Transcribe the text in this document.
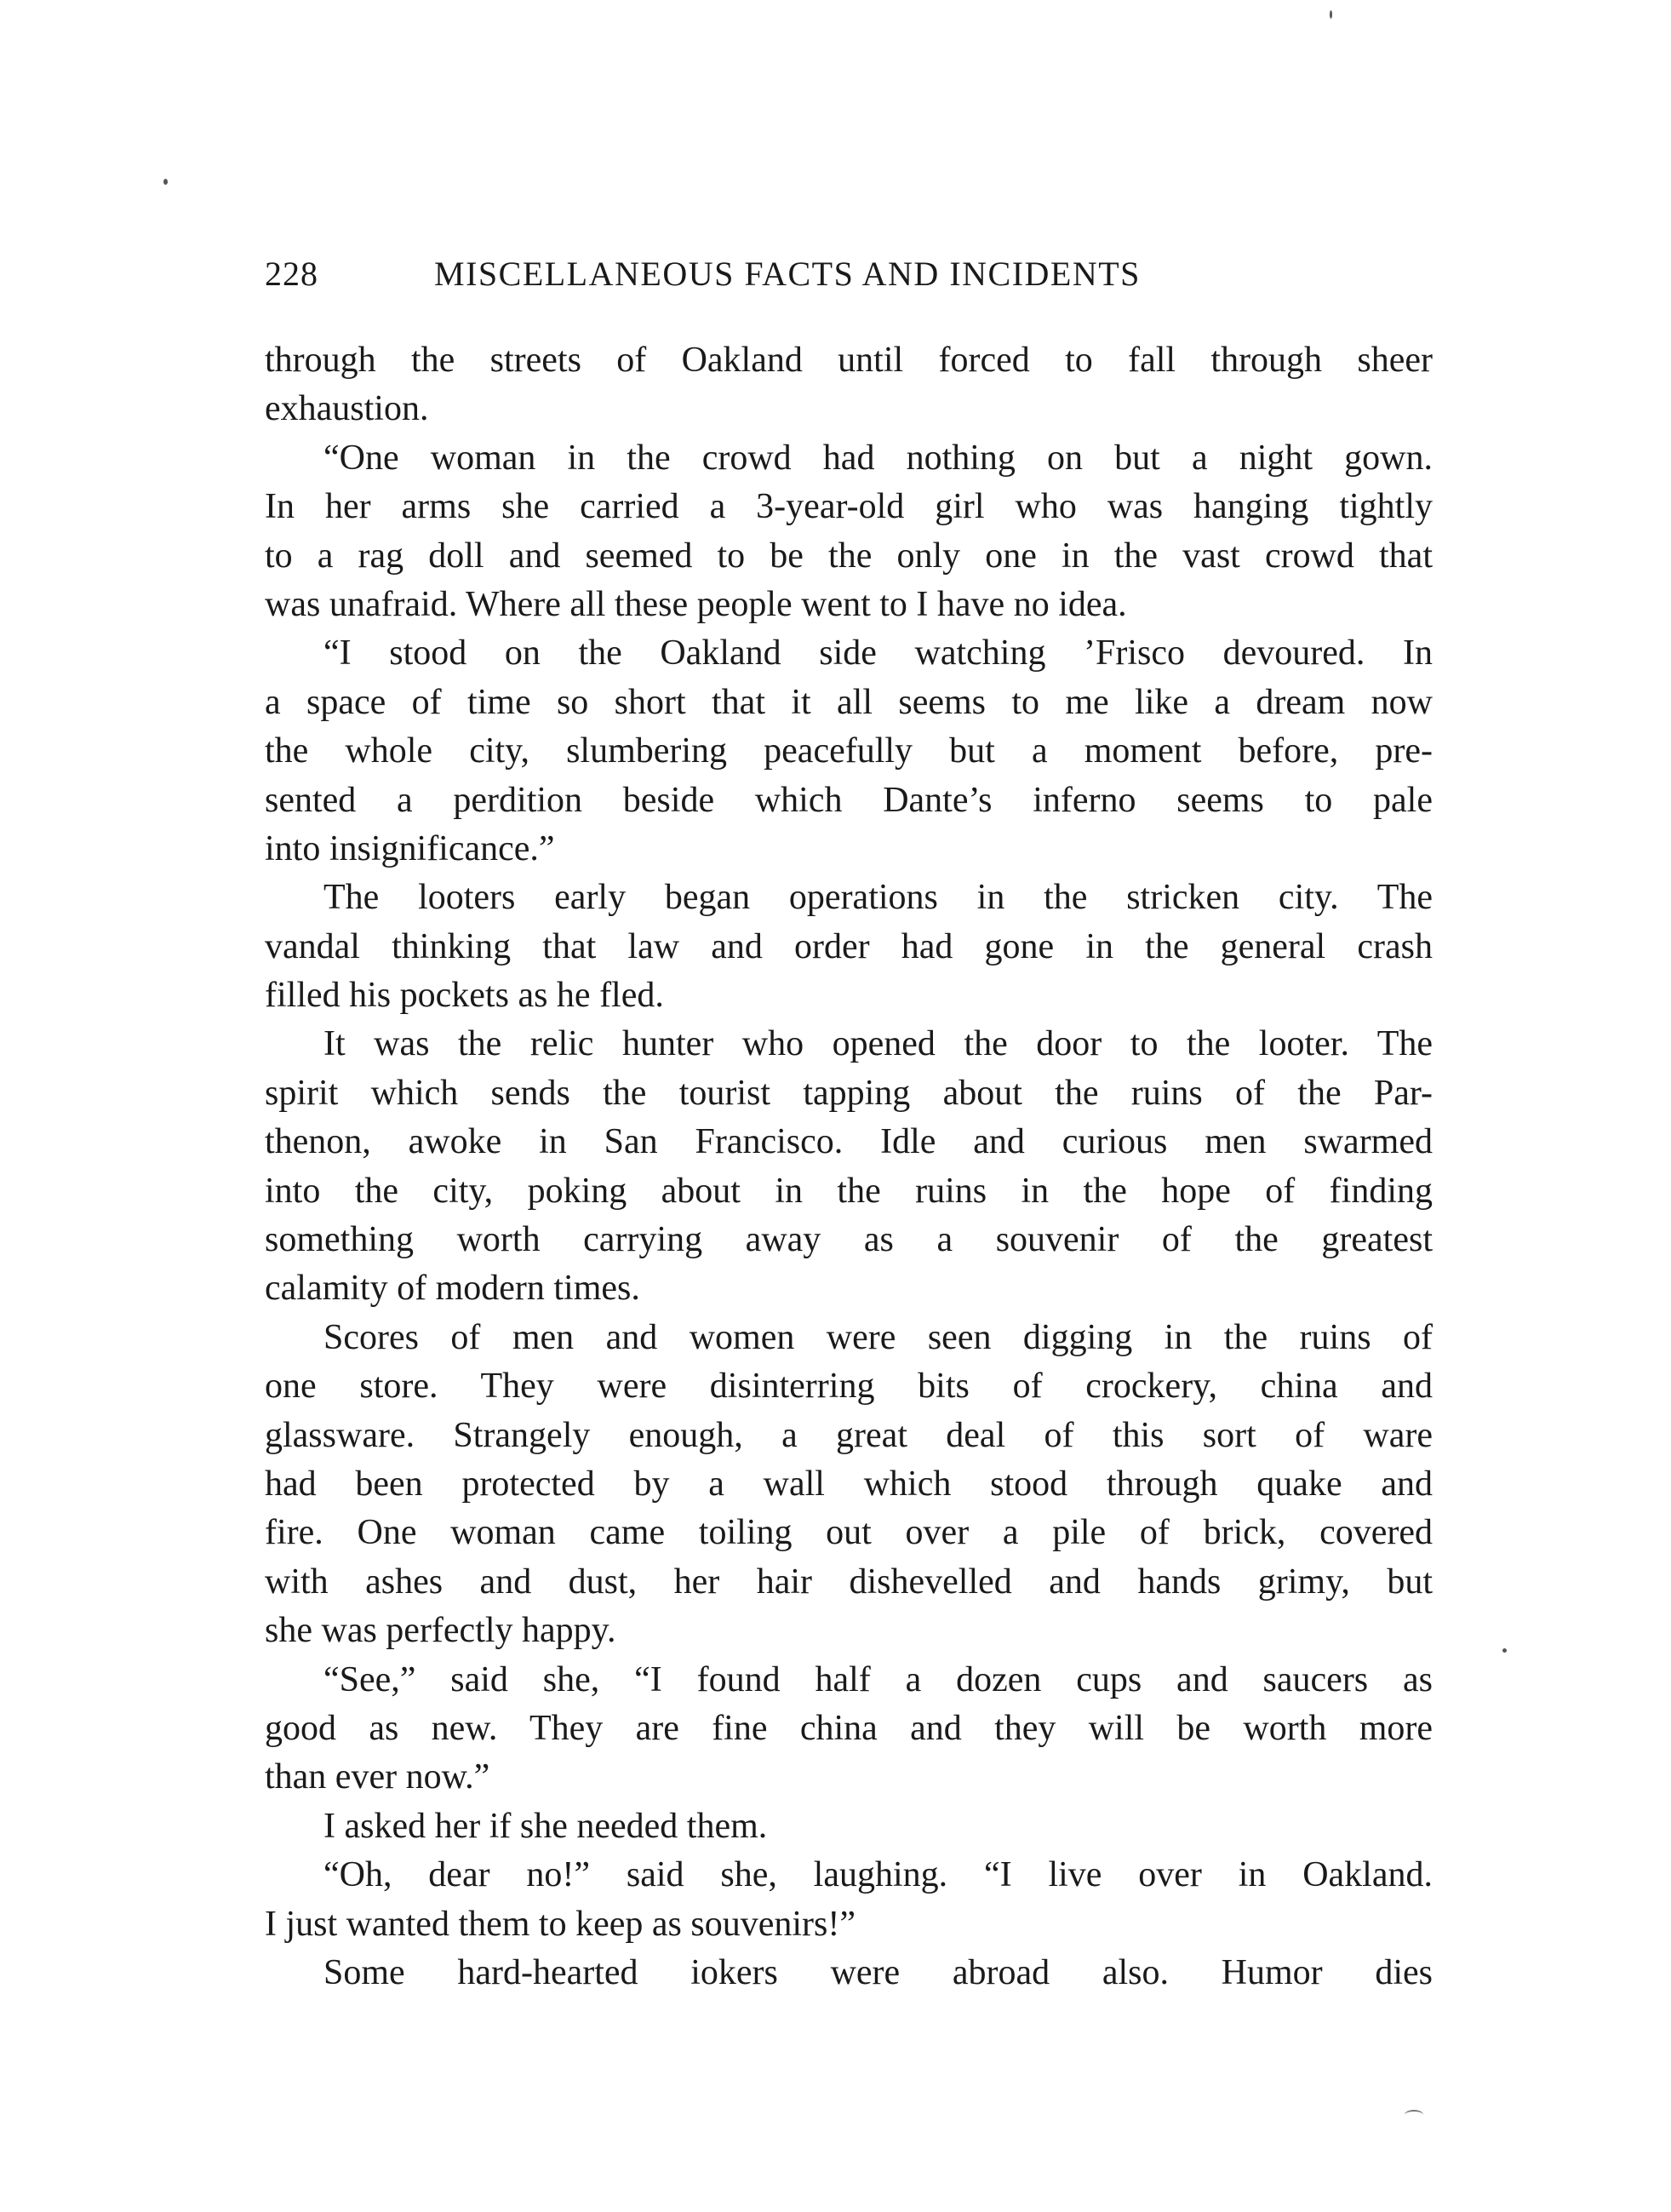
228	MISCELLANEOUS FACTS AND INCIDENTS
through the streets of Oakland until forced to fall through sheer
exhaustion.
“One woman in the crowd had nothing on but a night gown.
In her arms she carried a 3-year-old girl who was hanging tightly
to a rag doll and seemed to be the only one in the vast crowd that
was unafraid. Where all these people went to I have no idea.
“I stood on the Oakland side watching ’Frisco devoured. In
a space of time so short that it all seems to me like a dream now
the whole city, slumbering peacefully but a moment before, pre-
sented a perdition beside which Dante’s inferno seems to pale
into insignificance.”
The looters early began operations in the stricken city. The
vandal thinking that law and order had gone in the general crash
filled his pockets as he fled.
It was the relic hunter who opened the door to the looter. The
spirit which sends the tourist tapping about the ruins of the Par-
thenon, awoke in San Francisco. Idle and curious men swarmed
into the city, poking about in the ruins in the hope of finding
something worth carrying away as a souvenir of the greatest
calamity of modern times.
Scores of men and women were seen digging in the ruins of
one store. They were disinterring bits of crockery, china and
glassware. Strangely enough, a great deal of this sort of ware
had been protected by a wall which stood through quake and
fire. One woman came toiling out over a pile of brick, covered
with ashes and dust, her hair dishevelled and hands grimy, but
she was perfectly happy.
“See,” said she, “I found half a dozen cups and saucers as
good as new. They are fine china and they will be worth more
than ever now.”
I asked her if she needed them.
“Oh, dear no!” said she, laughing. “I live over in Oakland.
I just wanted them to keep as souvenirs!”
Some hard-hearted iokers were abroad also. Humor dies
